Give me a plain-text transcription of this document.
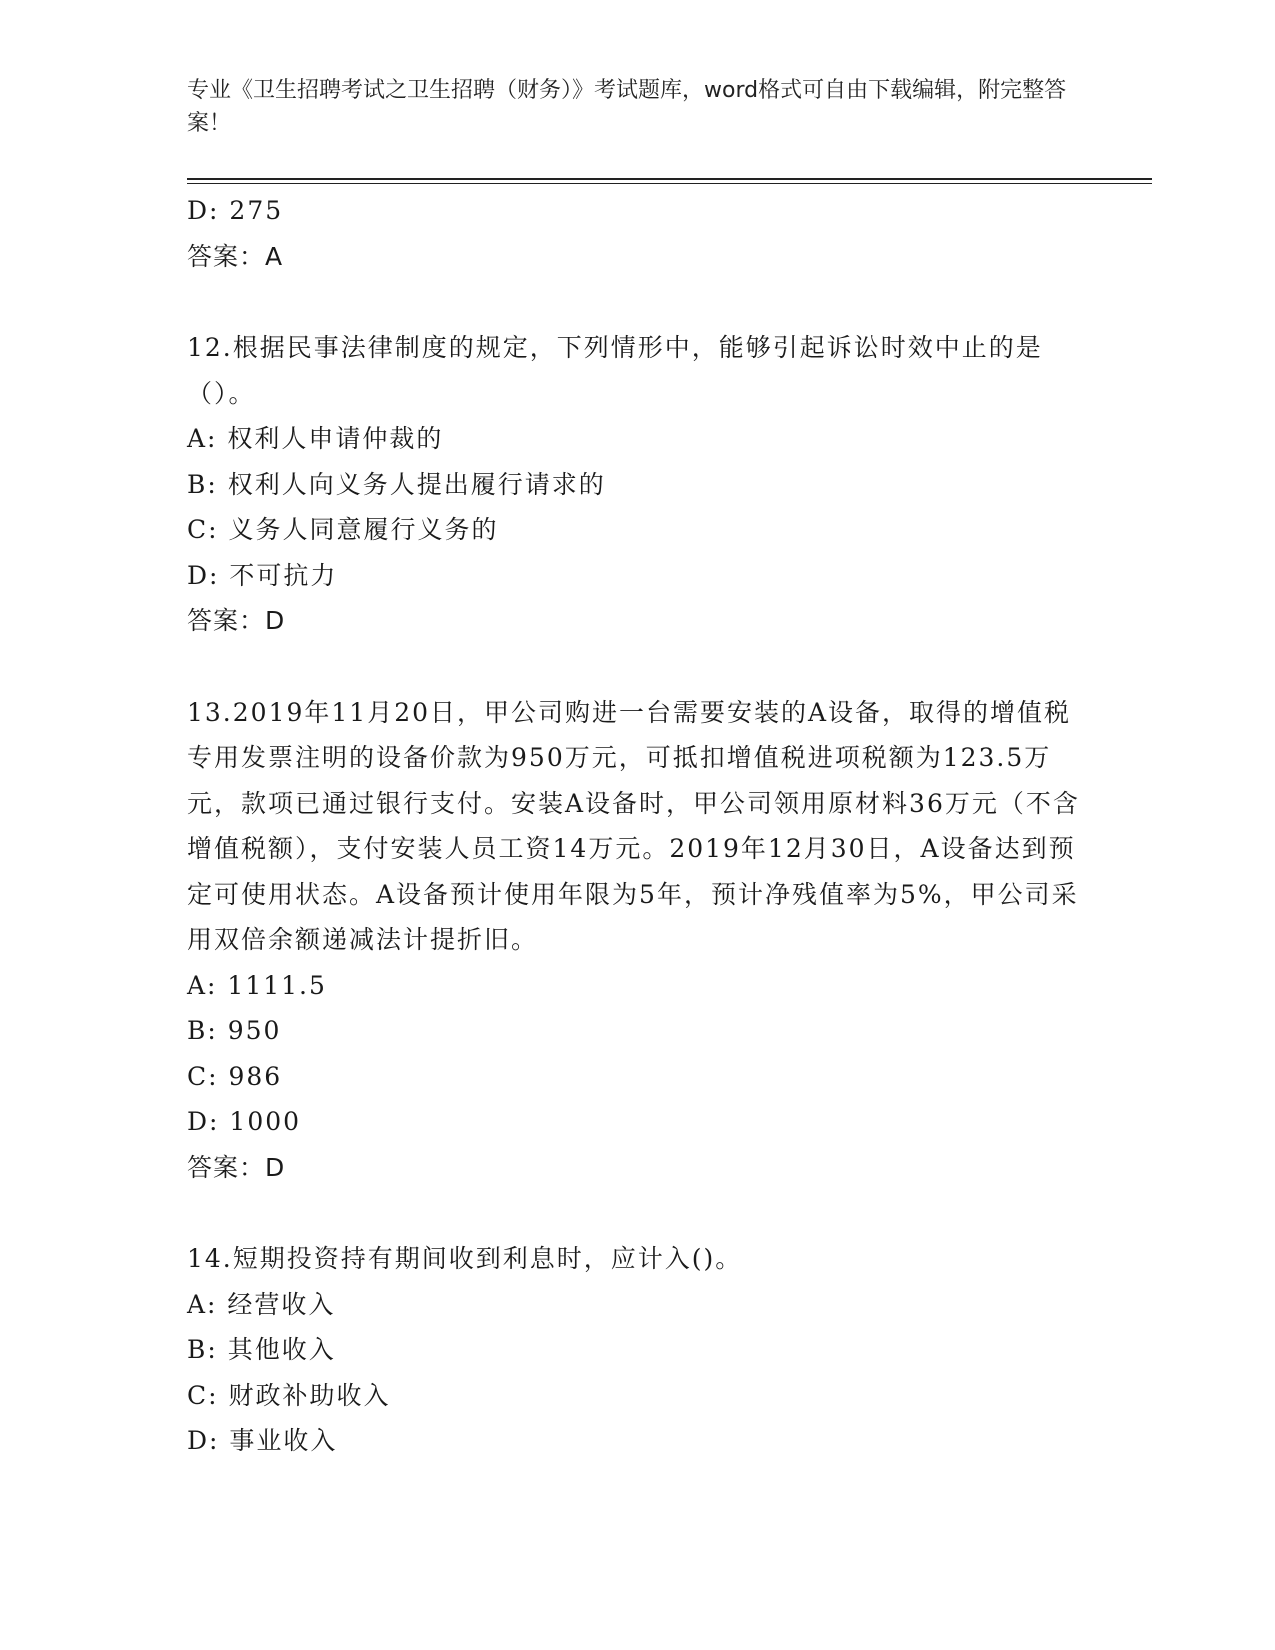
专业《卫生招聘考试之卫生招聘（财务）》考试题库，word格式可自由下载编辑，附完整答案！
D: 275
答案：A
12.根据民事法律制度的规定，下列情形中，能够引起诉讼时效中止的是（）。
A: 权利人申请仲裁的
B: 权利人向义务人提出履行请求的
C: 义务人同意履行义务的
D: 不可抗力
答案：D
13.2019年11月20日，甲公司购进一台需要安装的A设备，取得的增值税专用发票注明的设备价款为950万元，可抵扣增值税进项税额为123.5万元，款项已通过银行支付。安装A设备时，甲公司领用原材料36万元（不含增值税额），支付安装人员工资14万元。2019年12月30日，A设备达到预定可使用状态。A设备预计使用年限为5年，预计净残值率为5%，甲公司采用双倍余额递减法计提折旧。
A: 1111.5
B: 950
C: 986
D: 1000
答案：D
14.短期投资持有期间收到利息时，应计入()。
A: 经营收入
B: 其他收入
C: 财政补助收入
D: 事业收入
